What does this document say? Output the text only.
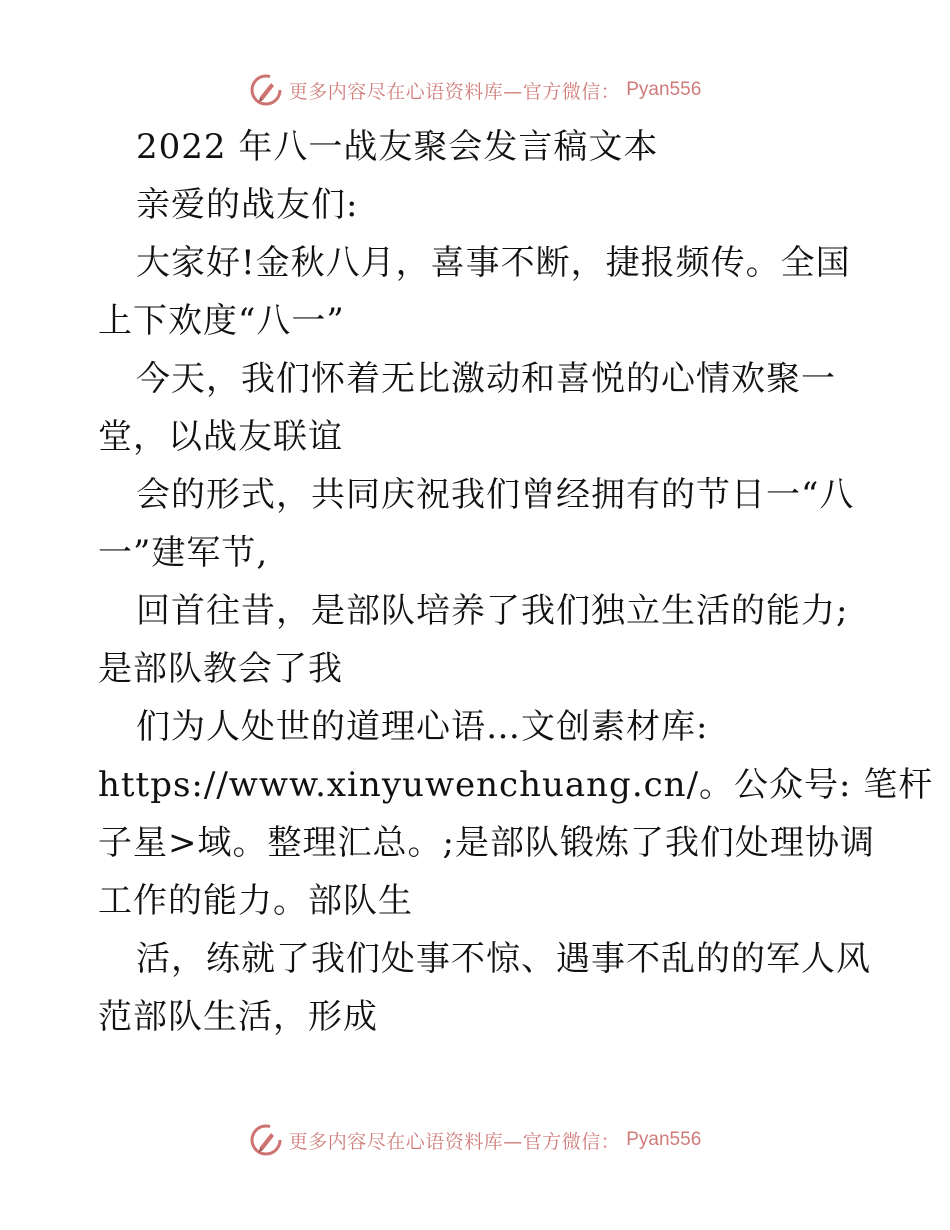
更多内容尽在心语资料库—官方微信： Pyan556
2022 年八一战友聚会发言稿文本
亲爱的战友们:
大家好!金秋八月，喜事不断，捷报频传。全国
上下欢度“八一”
今天，我们怀着无比激动和喜悦的心情欢聚一
堂，以战友联谊
会的形式，共同庆祝我们曾经拥有的节日一“八
一”建军节,
回首往昔，是部队培养了我们独立生活的能力;
是部队教会了我
们为人处世的道理心语…文创素材库:
https://www.xinyuwenchuang.cn/。公众号: 笔杆
子星>域。整理汇总。;是部队锻炼了我们处理协调
工作的能力。部队生
活，练就了我们处事不惊、遇事不乱的的军人风
范部队生活，形成
更多内容尽在心语资料库—官方微信： Pyan556
